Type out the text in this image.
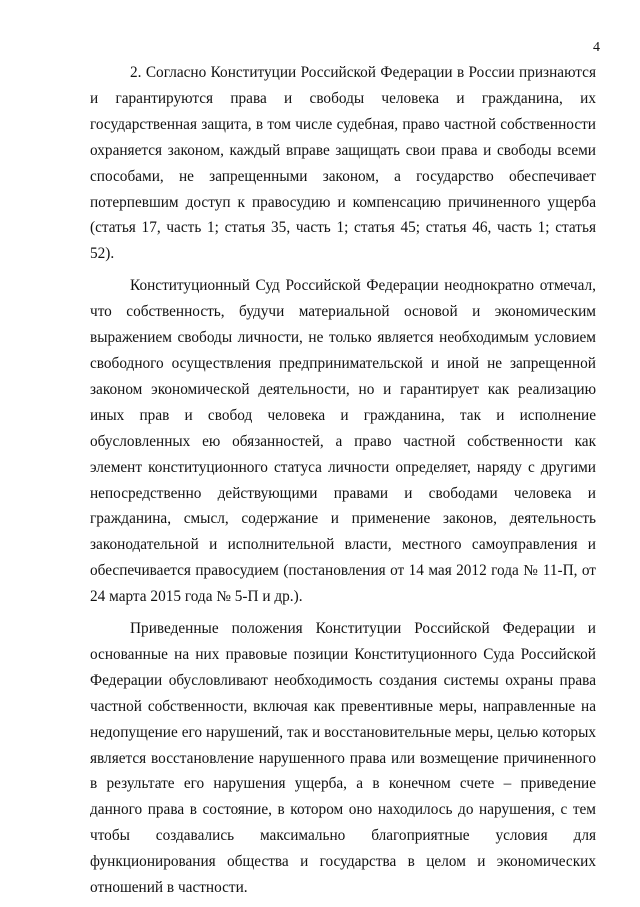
4

2. Согласно Конституции Российской Федерации в России признаются и гарантируются права и свободы человека и гражданина, их государственная защита, в том числе судебная, право частной собственности охраняется законом, каждый вправе защищать свои права и свободы всеми способами, не запрещенными законом, а государство обеспечивает потерпевшим доступ к правосудию и компенсацию причиненного ущерба (статья 17, часть 1; статья 35, часть 1; статья 45; статья 46, часть 1; статья 52).

Конституционный Суд Российской Федерации неоднократно отмечал, что собственность, будучи материальной основой и экономическим выражением свободы личности, не только является необходимым условием свободного осуществления предпринимательской и иной не запрещенной законом экономической деятельности, но и гарантирует как реализацию иных прав и свобод человека и гражданина, так и исполнение обусловленных ею обязанностей, а право частной собственности как элемент конституционного статуса личности определяет, наряду с другими непосредственно действующими правами и свободами человека и гражданина, смысл, содержание и применение законов, деятельность законодательной и исполнительной власти, местного самоуправления и обеспечивается правосудием (постановления от 14 мая 2012 года № 11-П, от 24 марта 2015 года № 5-П и др.).

Приведенные положения Конституции Российской Федерации и основанные на них правовые позиции Конституционного Суда Российской Федерации обусловливают необходимость создания системы охраны права частной собственности, включая как превентивные меры, направленные на недопущение его нарушений, так и восстановительные меры, целью которых является восстановление нарушенного права или возмещение причиненного в результате его нарушения ущерба, а в конечном счете – приведение данного права в состояние, в котором оно находилось до нарушения, с тем чтобы создавались максимально благоприятные условия для функционирования общества и государства в целом и экономических отношений в частности.
